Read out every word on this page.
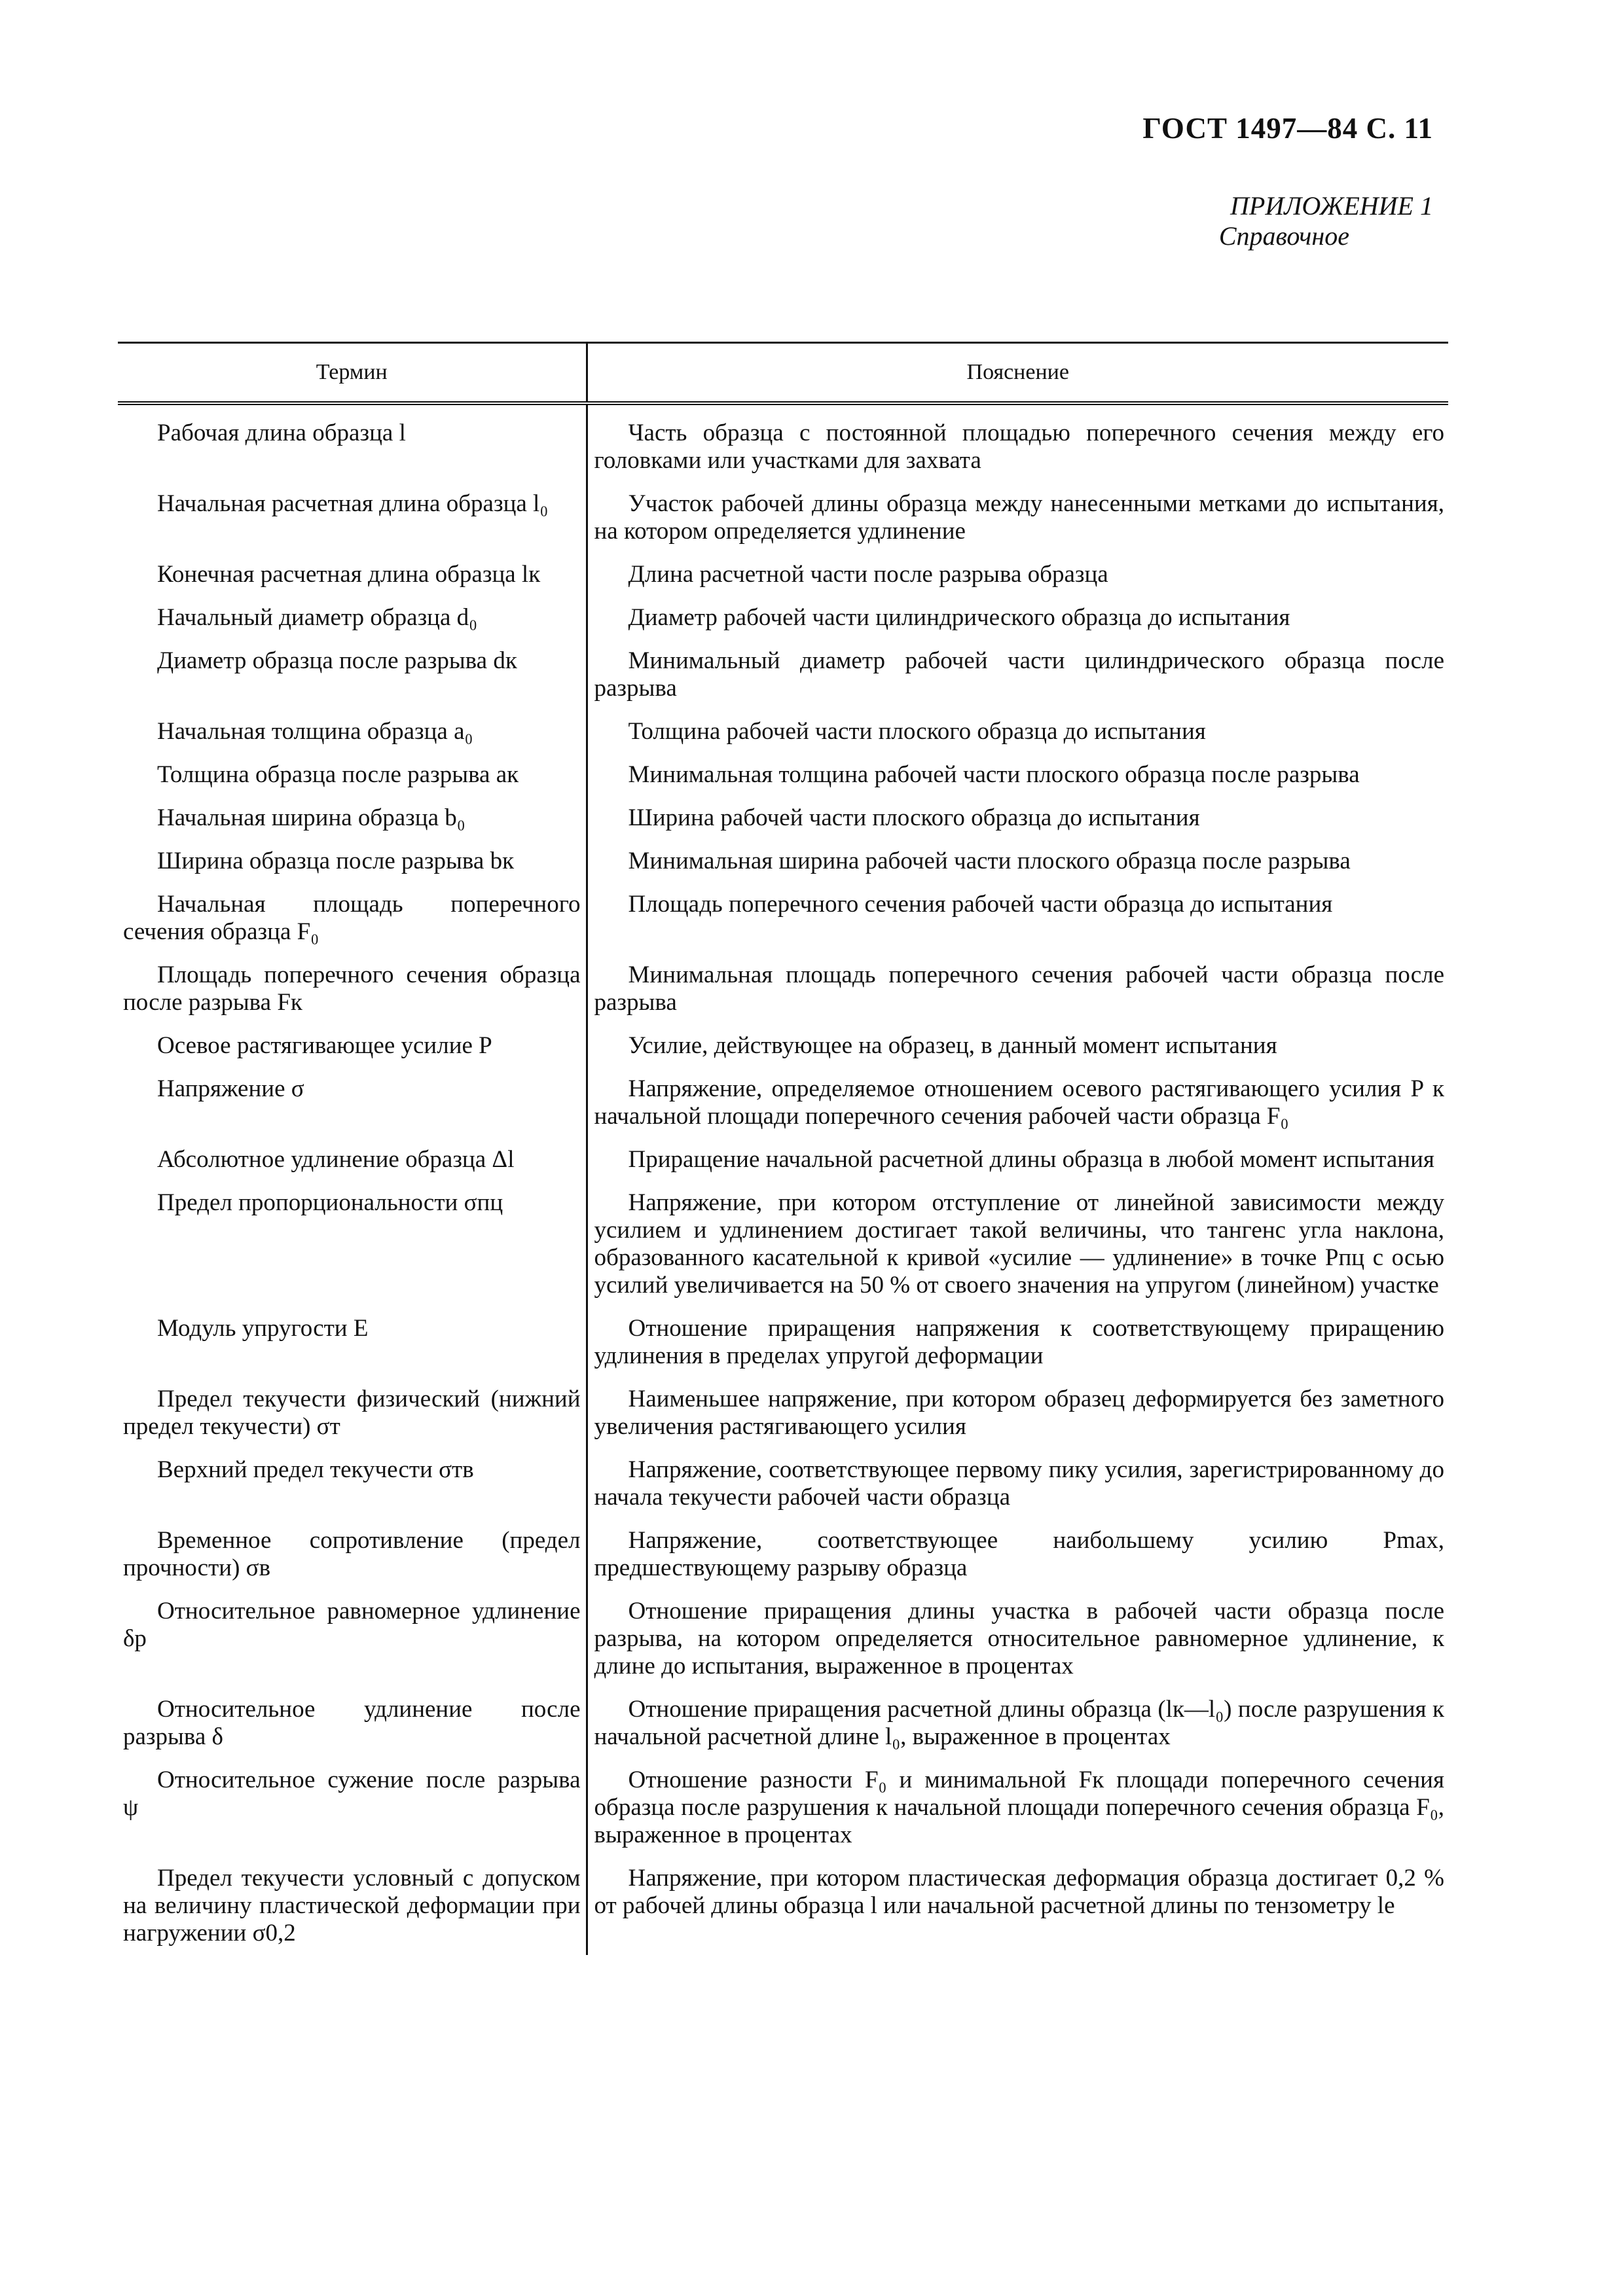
ГОСТ 1497—84 С. 11
ПРИЛОЖЕНИЕ 1
Справочное
Термин	Пояснение
Рабочая длина образца l	Часть образца с постоянной площадью поперечного сечения между его головками или участками для захвата
Начальная расчетная длина образца l₀	Участок рабочей длины образца между нанесенными метками до испытания, на котором определяется удлинение
Конечная расчетная длина образца lк	Длина расчетной части после разрыва образца
Начальный диаметр образца d₀	Диаметр рабочей части цилиндрического образца до испытания
Диаметр образца после разрыва dк	Минимальный диаметр рабочей части цилиндрического образца после разрыва
Начальная толщина образца a₀	Толщина рабочей части плоского образца до испытания
Толщина образца после разрыва aк	Минимальная толщина рабочей части плоского образца после разрыва
Начальная ширина образца b₀	Ширина рабочей части плоского образца до испытания
Ширина образца после разрыва bк	Минимальная ширина рабочей части плоского образца после разрыва
Начальная площадь поперечного сечения образца F₀	Площадь поперечного сечения рабочей части образца до испытания
Площадь поперечного сечения образца после разрыва Fк	Минимальная площадь поперечного сечения рабочей части образца после разрыва
Осевое растягивающее усилие P	Усилие, действующее на образец, в данный момент испытания
Напряжение σ	Напряжение, определяемое отношением осевого растягивающего усилия P к начальной площади поперечного сечения рабочей части образца F₀
Абсолютное удлинение образца Δl	Приращение начальной расчетной длины образца в любой момент испытания
Предел пропорциональности σпц	Напряжение, при котором отступление от линейной зависимости между усилием и удлинением достигает такой величины, что тангенс угла наклона, образованного касательной к кривой «усилие — удлинение» в точке Pпц с осью усилий увеличивается на 50 % от своего значения на упругом (линейном) участке
Модуль упругости E	Отношение приращения напряжения к соответствующему приращению удлинения в пределах упругой деформации
Предел текучести физический (нижний предел текучести) σт	Наименьшее напряжение, при котором образец деформируется без заметного увеличения растягивающего усилия
Верхний предел текучести σтв	Напряжение, соответствующее первому пику усилия, зарегистрированному до начала текучести рабочей части образца
Временное сопротивление (предел прочности) σв	Напряжение, соответствующее наибольшему усилию Pmax, предшествующему разрыву образца
Относительное равномерное удлинение δр	Отношение приращения длины участка в рабочей части образца после разрыва, на котором определяется относительное равномерное удлинение, к длине до испытания, выраженное в процентах
Относительное удлинение после разрыва δ	Отношение приращения расчетной длины образца (lк—l₀) после разрушения к начальной расчетной длине l₀, выраженное в процентах
Относительное сужение после разрыва ψ	Отношение разности F₀ и минимальной Fк площади поперечного сечения образца после разрушения к начальной площади поперечного сечения образца F₀, выраженное в процентах
Предел текучести условный с допуском на величину пластической деформации при нагружении σ0,2	Напряжение, при котором пластическая деформация образца достигает 0,2 % от рабочей длины образца l или начальной расчетной длины по тензометру le
